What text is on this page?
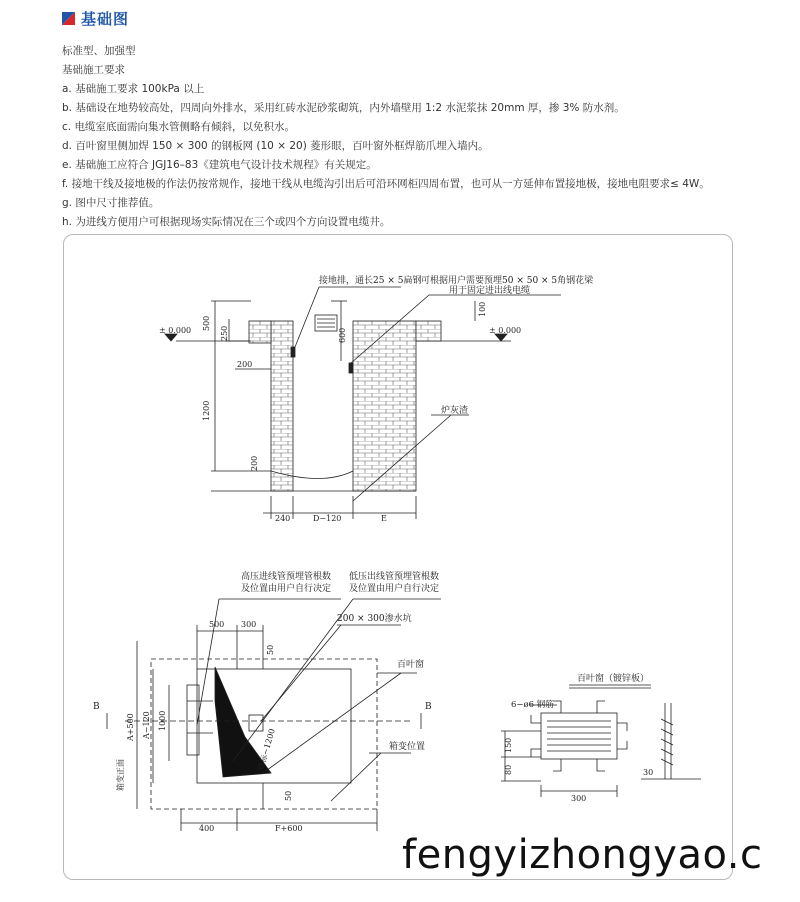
基础图
标准型、加强型
基础施工要求
a. 基础施工要求 100kPa 以上
b. 基础设在地势较高处，四周向外排水，采用红砖水泥砂浆砌筑，内外墙壁用 1:2 水泥浆抹 20mm 厚，掺 3% 防水剂。
c. 电缆室底面需向集水管侧略有倾斜，以免积水。
d. 百叶窗里侧加焊 150 × 300 的钢板网 (10 × 20) 菱形眼，百叶窗外框焊筋爪埋入墙内。
e. 基础施工应符合 JGJ16–83《建筑电气设计技术规程》有关规定。
f. 接地干线及接地极的作法仍按常规作，接地干线从电缆沟引出后可沿环网柜四周布置，也可从一方延伸布置接地极，接地电阻要求≤ 4W。
g. 图中尺寸推荐值。
h. 为进线方便用户可根据现场实际情况在三个或四个方向设置电缆井。
接地排，通长25 × 5扁钢 可根据用户需要预埋50 × 50 × 5角钢花梁
用于固定进出线电缆
炉灰渣
± 0.000	± 0.000
500
250
200
600
100
1200
200
240	D−120	E
高压进线管预埋管根数
及位置由用户自行决定
低压出线管预埋管根数
及位置由用户自行决定
200 × 300渗水坑
百叶窗
箱变位置
箱变正面
坡标−1200
B	B
500 300
50
50
A+500 A−120 1000
400	F+600
百叶窗（镀锌板）
6−ø6 钢筋
150
80
300
30
fengyizhongyao.c
